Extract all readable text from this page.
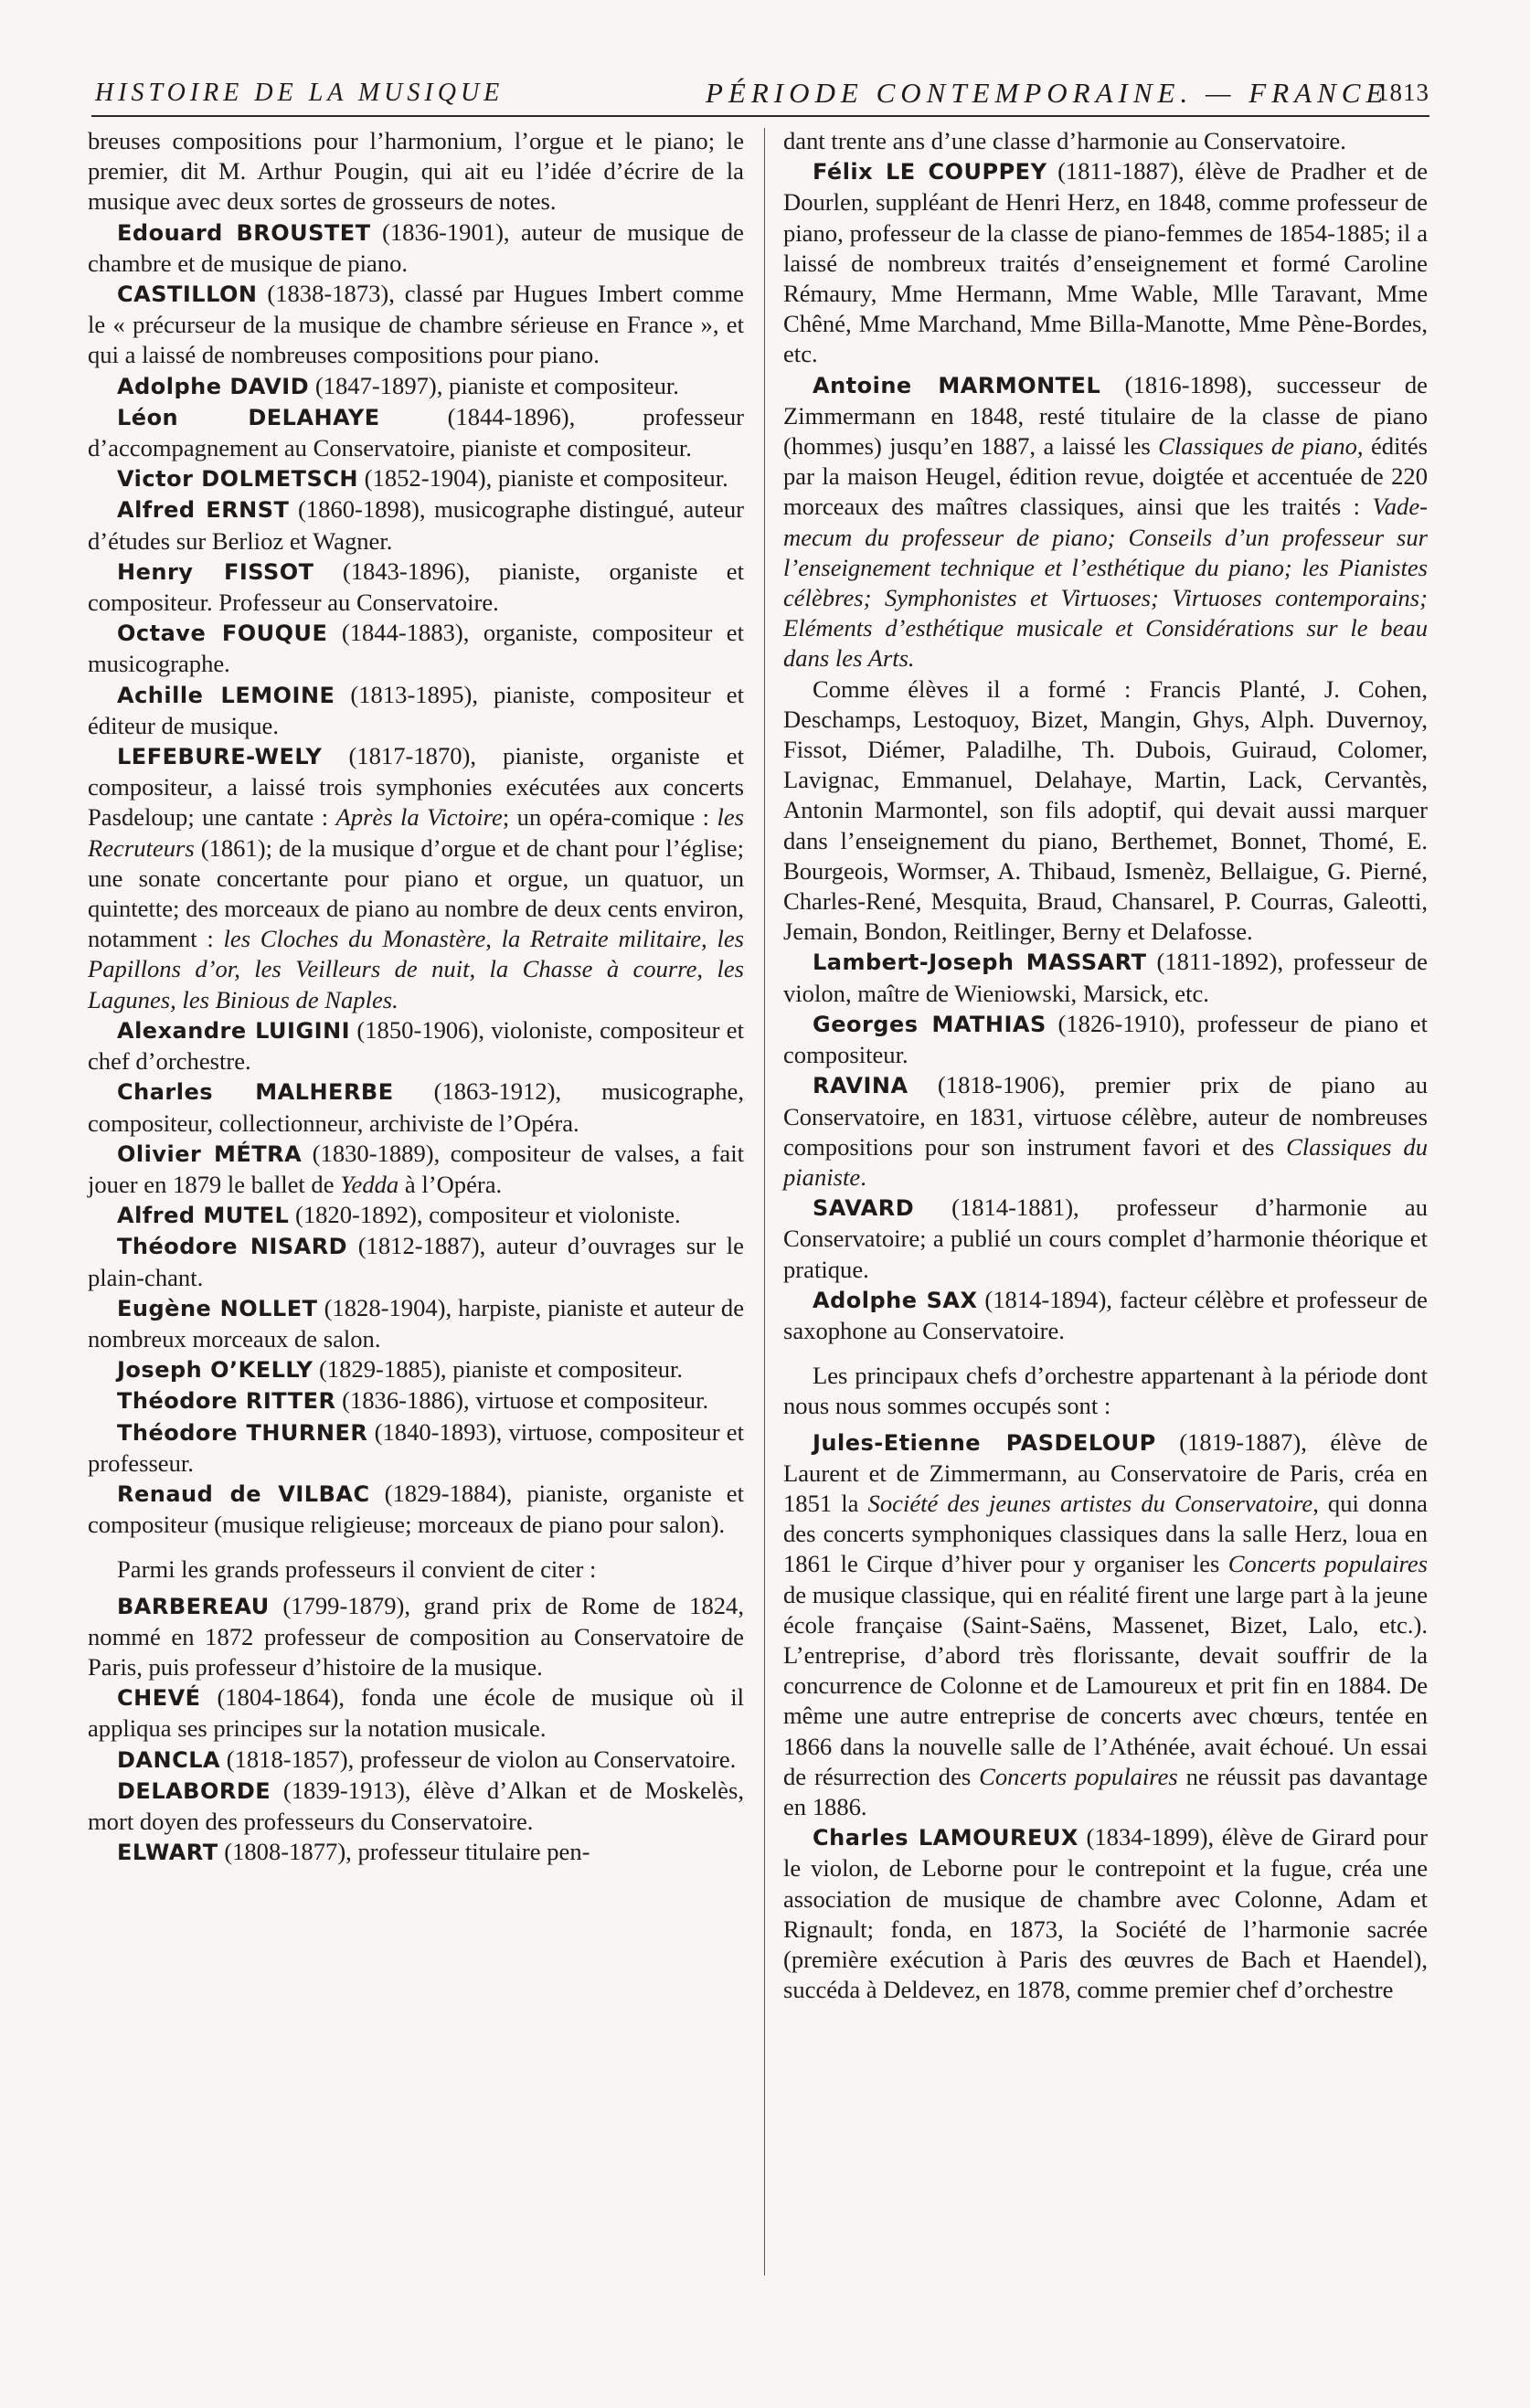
HISTOIRE DE LA MUSIQUE	PÉRIODE CONTEMPORAINE. — FRANCE
1813

breuses compositions pour l’harmonium, l’orgue et le piano; le premier, dit M. Arthur Pougin, qui ait eu l’idée d’écrire de la musique avec deux sortes de grosseurs de notes.

Edouard BROUSTET (1836-1901), auteur de musique de chambre et de musique de piano.

CASTILLON (1838-1873), classé par Hugues Imbert comme le « précurseur de la musique de chambre sérieuse en France », et qui a laissé de nombreuses compositions pour piano.

Adolphe DAVID (1847-1897), pianiste et compositeur.

Léon DELAHAYE (1844-1896), professeur d’accompagnement au Conservatoire, pianiste et compositeur.

Victor DOLMETSCH (1852-1904), pianiste et compositeur.

Alfred ERNST (1860-1898), musicographe distingué, auteur d’études sur Berlioz et Wagner.

Henry FISSOT (1843-1896), pianiste, organiste et compositeur. Professeur au Conservatoire.

Octave FOUQUE (1844-1883), organiste, compositeur et musicographe.

Achille LEMOINE (1813-1895), pianiste, compositeur et éditeur de musique.

LEFEBURE-WELY (1817-1870), pianiste, organiste et compositeur, a laissé trois symphonies exécutées aux concerts Pasdeloup; une cantate : Après la Victoire; un opéra-comique : les Recruteurs (1861); de la musique d’orgue et de chant pour l’église; une sonate concertante pour piano et orgue, un quatuor, un quintette; des morceaux de piano au nombre de deux cents environ, notamment : les Cloches du Monastère, la Retraite militaire, les Papillons d’or, les Veilleurs de nuit, la Chasse à courre, les Lagunes, les Binious de Naples.

Alexandre LUIGINI (1850-1906), violoniste, compositeur et chef d’orchestre.

Charles MALHERBE (1863-1912), musicographe, compositeur, collectionneur, archiviste de l’Opéra.

Olivier MÉTRA (1830-1889), compositeur de valses, a fait jouer en 1879 le ballet de Yedda à l’Opéra.

Alfred MUTEL (1820-1892), compositeur et violoniste.

Théodore NISARD (1812-1887), auteur d’ouvrages sur le plain-chant.

Eugène NOLLET (1828-1904), harpiste, pianiste et auteur de nombreux morceaux de salon.

Joseph O’KELLY (1829-1885), pianiste et compositeur.

Théodore RITTER (1836-1886), virtuose et compositeur.

Théodore THURNER (1840-1893), virtuose, compositeur et professeur.

Renaud de VILBAC (1829-1884), pianiste, organiste et compositeur (musique religieuse; morceaux de piano pour salon).

Parmi les grands professeurs il convient de citer :

BARBEREAU (1799-1879), grand prix de Rome de 1824, nommé en 1872 professeur de composition au Conservatoire de Paris, puis professeur d’histoire de la musique.

CHEVÉ (1804-1864), fonda une école de musique où il appliqua ses principes sur la notation musicale.

DANCLA (1818-1857), professeur de violon au Conservatoire.

DELABORDE (1839-1913), élève d’Alkan et de Moskelès, mort doyen des professeurs du Conservatoire.

ELWART (1808-1877), professeur titulaire pen-

dant trente ans d’une classe d’harmonie au Conservatoire.

Félix LE COUPPEY (1811-1887), élève de Pradher et de Dourlen, suppléant de Henri Herz, en 1848, comme professeur de piano, professeur de la classe de piano-femmes de 1854-1885; il a laissé de nombreux traités d’enseignement et formé Caroline Rémaury, Mme Hermann, Mme Wable, Mlle Taravant, Mme Chêné, Mme Marchand, Mme Billa-Manotte, Mme Pène-Bordes, etc.

Antoine MARMONTEL (1816-1898), successeur de Zimmermann en 1848, resté titulaire de la classe de piano (hommes) jusqu’en 1887, a laissé les Classiques de piano, édités par la maison Heugel, édition revue, doigtée et accentuée de 220 morceaux des maîtres classiques, ainsi que les traités : Vade-mecum du professeur de piano; Conseils d’un professeur sur l’enseignement technique et l’esthétique du piano; les Pianistes célèbres; Symphonistes et Virtuoses; Virtuoses contemporains; Eléments d’esthétique musicale et Considérations sur le beau dans les Arts.

Comme élèves il a formé : Francis Planté, J. Cohen, Deschamps, Lestoquoy, Bizet, Mangin, Ghys, Alph. Duvernoy, Fissot, Diémer, Paladilhe, Th. Dubois, Guiraud, Colomer, Lavignac, Emmanuel, Delahaye, Martin, Lack, Cervantès, Antonin Marmontel, son fils adoptif, qui devait aussi marquer dans l’enseignement du piano, Berthemet, Bonnet, Thomé, E. Bourgeois, Wormser, A. Thibaud, Ismenèz, Bellaigue, G. Pierné, Charles-René, Mesquita, Braud, Chansarel, P. Courras, Galeotti, Jemain, Bondon, Reitlinger, Berny et Delafosse.

Lambert-Joseph MASSART (1811-1892), professeur de violon, maître de Wieniowski, Marsick, etc.

Georges MATHIAS (1826-1910), professeur de piano et compositeur.

RAVINA (1818-1906), premier prix de piano au Conservatoire, en 1831, virtuose célèbre, auteur de nombreuses compositions pour son instrument favori et des Classiques du pianiste.

SAVARD (1814-1881), professeur d’harmonie au Conservatoire; a publié un cours complet d’harmonie théorique et pratique.

Adolphe SAX (1814-1894), facteur célèbre et professeur de saxophone au Conservatoire.

Les principaux chefs d’orchestre appartenant à la période dont nous nous sommes occupés sont :

Jules-Etienne PASDELOUP (1819-1887), élève de Laurent et de Zimmermann, au Conservatoire de Paris, créa en 1851 la Société des jeunes artistes du Conservatoire, qui donna des concerts symphoniques classiques dans la salle Herz, loua en 1861 le Cirque d’hiver pour y organiser les Concerts populaires de musique classique, qui en réalité firent une large part à la jeune école française (Saint-Saëns, Massenet, Bizet, Lalo, etc.). L’entreprise, d’abord très florissante, devait souffrir de la concurrence de Colonne et de Lamoureux et prit fin en 1884. De même une autre entreprise de concerts avec chœurs, tentée en 1866 dans la nouvelle salle de l’Athénée, avait échoué. Un essai de résurrection des Concerts populaires ne réussit pas davantage en 1886.

Charles LAMOUREUX (1834-1899), élève de Girard pour le violon, de Leborne pour le contrepoint et la fugue, créa une association de musique de chambre avec Colonne, Adam et Rignault; fonda, en 1873, la Société de l’harmonie sacrée (première exécution à Paris des œuvres de Bach et Haendel), succéda à Deldevez, en 1878, comme premier chef d’orchestre
